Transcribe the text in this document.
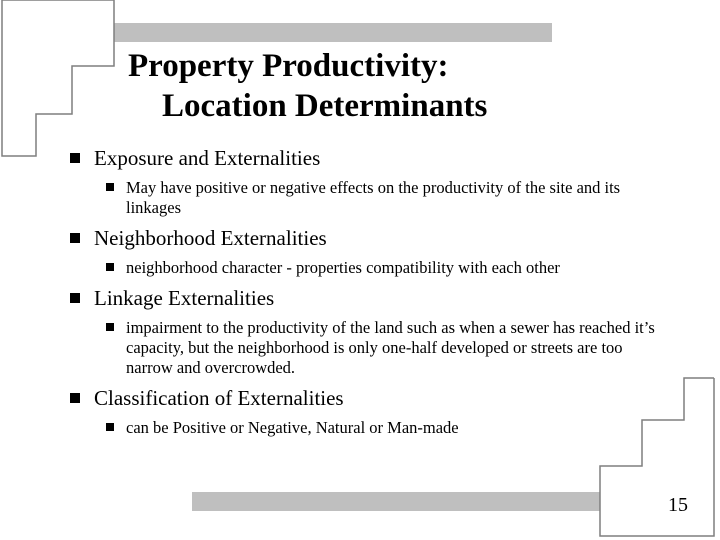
Property Productivity:
Location Determinants
Exposure and Externalities
May have positive or negative effects on the productivity of the site and its linkages
Neighborhood Externalities
neighborhood character - properties compatibility with each other
Linkage Externalities
impairment to the productivity of the land such as when a sewer has reached it’s capacity, but the neighborhood is only one-half developed or streets are too narrow and overcrowded.
Classification of Externalities
can be Positive or Negative, Natural or Man-made
15
